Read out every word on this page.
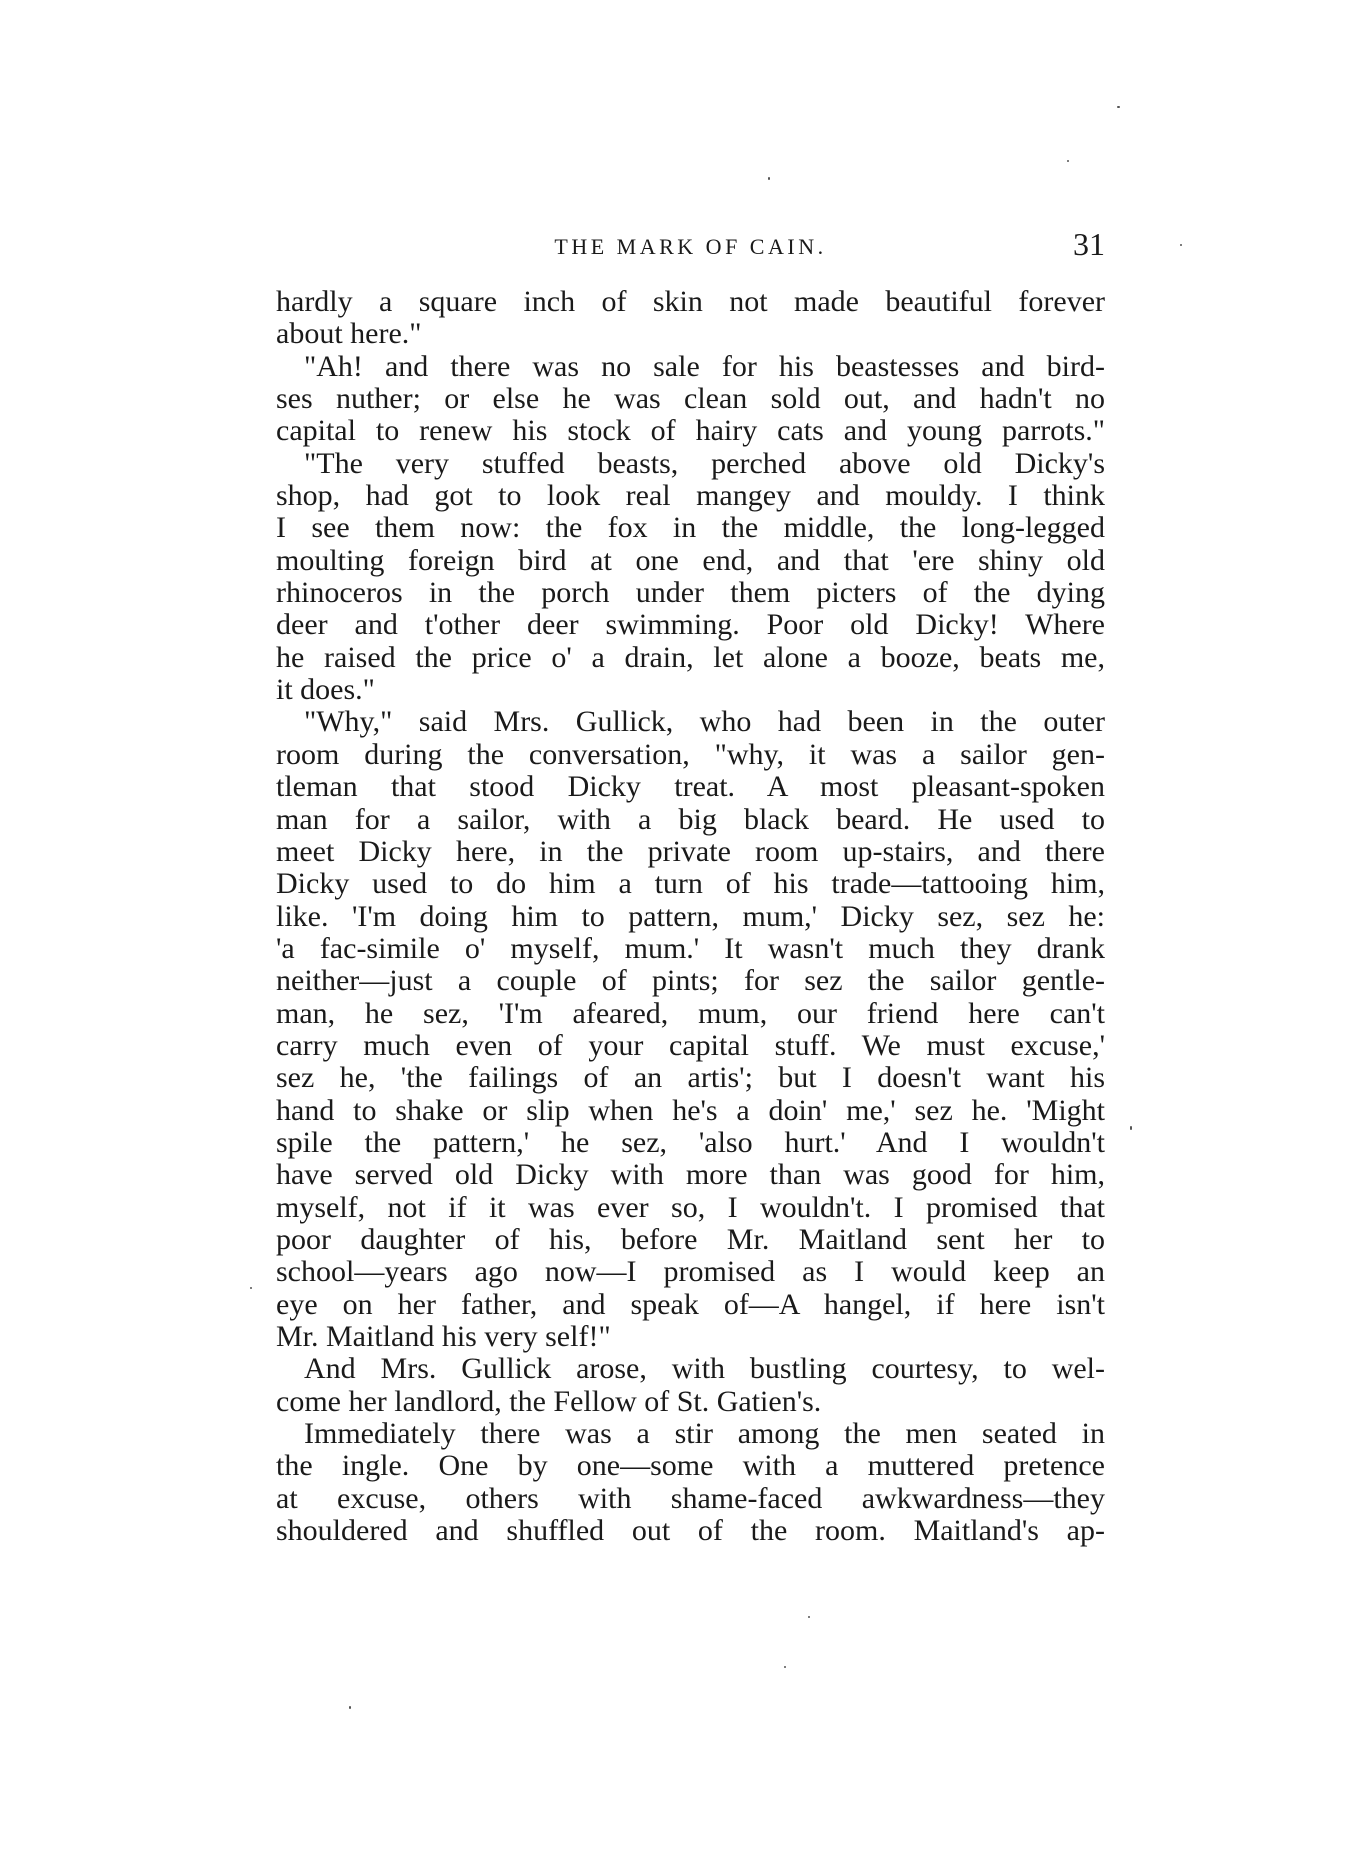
THE MARK OF CAIN.	31
hardly a square inch of skin not made beautiful forever
about here."
"Ah! and there was no sale for his beastesses and bird-
ses nuther; or else he was clean sold out, and hadn't no
capital to renew his stock of hairy cats and young parrots."
"The very stuffed beasts, perched above old Dicky's
shop, had got to look real mangey and mouldy. I think
I see them now: the fox in the middle, the long-legged
moulting foreign bird at one end, and that 'ere shiny old
rhinoceros in the porch under them picters of the dying
deer and t'other deer swimming. Poor old Dicky! Where
he raised the price o' a drain, let alone a booze, beats me,
it does."
"Why," said Mrs. Gullick, who had been in the outer
room during the conversation, "why, it was a sailor gen-
tleman that stood Dicky treat. A most pleasant-spoken
man for a sailor, with a big black beard. He used to
meet Dicky here, in the private room up-stairs, and there
Dicky used to do him a turn of his trade—tattooing him,
like. 'I'm doing him to pattern, mum,' Dicky sez, sez he:
'a fac-simile o' myself, mum.' It wasn't much they drank
neither—just a couple of pints; for sez the sailor gentle-
man, he sez, 'I'm afeared, mum, our friend here can't
carry much even of your capital stuff. We must excuse,'
sez he, 'the failings of an artis'; but I doesn't want his
hand to shake or slip when he's a doin' me,' sez he. 'Might
spile the pattern,' he sez, 'also hurt.' And I wouldn't
have served old Dicky with more than was good for him,
myself, not if it was ever so, I wouldn't. I promised that
poor daughter of his, before Mr. Maitland sent her to
school—years ago now—I promised as I would keep an
eye on her father, and speak of—A hangel, if here isn't
Mr. Maitland his very self!"
And Mrs. Gullick arose, with bustling courtesy, to wel-
come her landlord, the Fellow of St. Gatien's.
Immediately there was a stir among the men seated in
the ingle. One by one—some with a muttered pretence
at excuse, others with shame-faced awkwardness—they
shouldered and shuffled out of the room. Maitland's ap-
